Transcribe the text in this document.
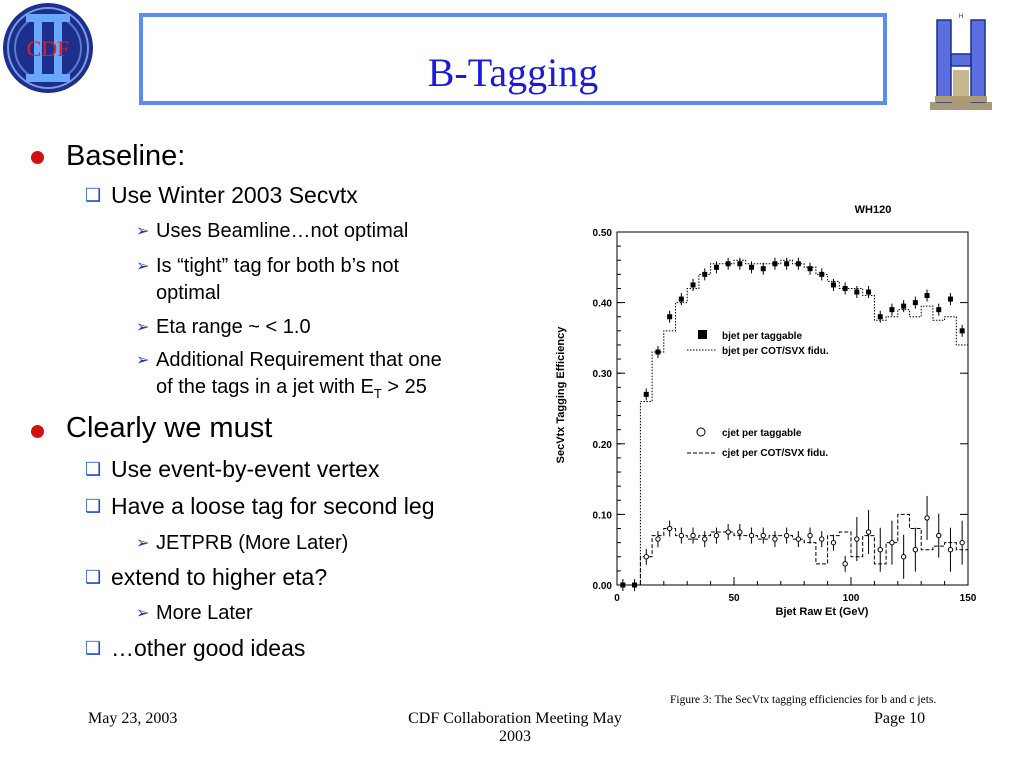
CDF
H
B-Tagging
Baseline:
❑ Use Winter 2003 Secvtx
➢ Uses Beamline…not optimal
➢ Is “tight” tag for both b’s not
optimal
➢ Eta range ~ < 1.0
➢ Additional Requirement that one
of the tags in a jet with $E_T > 25$
Clearly we must
❑ Use event-by-event vertex
❑ Have a loose tag for second leg
➢ JETPRB (More Later)
❑ extend to higher eta?
➢ More Later
❑ …other good ideas
0.00
0.10
0.20
0.30
0.40
0.50
0	50	100	150
WH120
SecVtx Tagging Efficiency
Bjet Raw Et (GeV)
bjet per taggable
bjet per COT/SVX fidu.
cjet per taggable
cjet per COT/SVX fidu.
Figure 3: The SecVtx tagging efficiencies for b and c jets.
May 23, 2003	CDF Collaboration Meeting May
2003
Page 10
